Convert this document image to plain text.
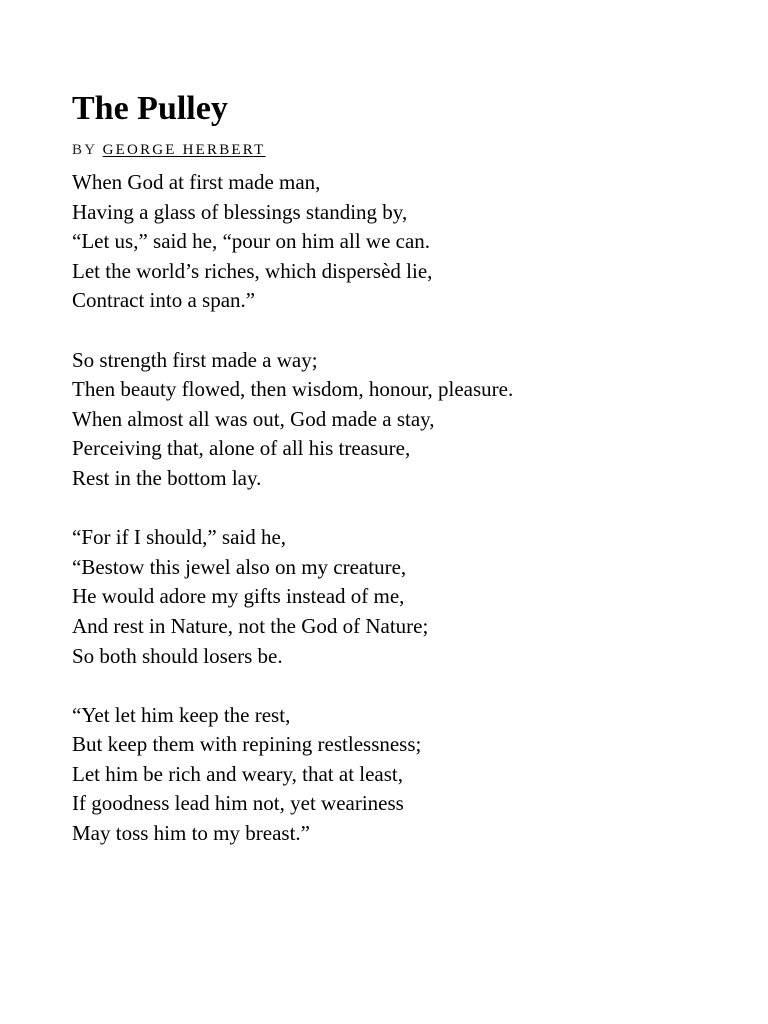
The Pulley
BY GEORGE HERBERT
When God at first made man,
Having a glass of blessings standing by,
“Let us,” said he, “pour on him all we can.
Let the world’s riches, which dispersèd lie,
Contract into a span.”
So strength first made a way;
Then beauty flowed, then wisdom, honour, pleasure.
When almost all was out, God made a stay,
Perceiving that, alone of all his treasure,
Rest in the bottom lay.
“For if I should,” said he,
“Bestow this jewel also on my creature,
He would adore my gifts instead of me,
And rest in Nature, not the God of Nature;
So both should losers be.
“Yet let him keep the rest,
But keep them with repining restlessness;
Let him be rich and weary, that at least,
If goodness lead him not, yet weariness
May toss him to my breast.”
